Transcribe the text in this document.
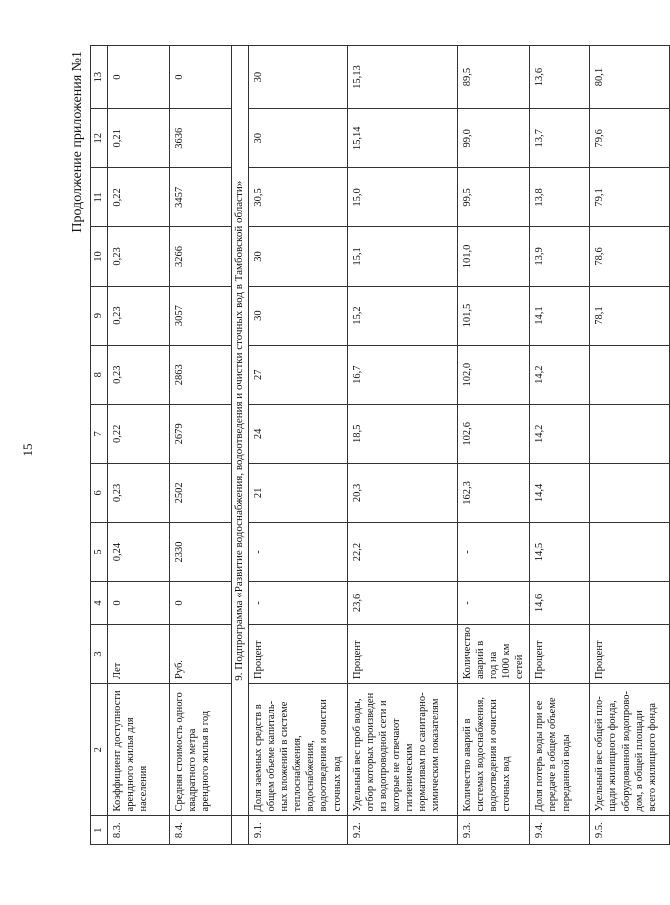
15
Продолжение приложения №1
1	2	3	4	5	6	7	8	9	10	11	12	13
8.3.	Коэффициент доступности арендного жилья для населения	Лет	0	0,24	0,23	0,22	0,23	0,23	0,23	0,22	0,21	0
8.4.	Средняя стоимость одного квадратного метра арендного жилья в год	Руб.	0	2330	2502	2679	2863	3057	3266	3457	3636	0
	9. Подпрограмма «Развитие водоснабжения, водоотведения и очистки сточных вод в Тамбовской области»											
9.1.	Доля заемных средств в общем объеме капиталь-ных вложений в системе теплоснабжения, водоснабжения, водоотведения и очистки сточных вод	Процент	-	-	21	24	27	30	30	30,5	30	30
9.2.	Удельный вес проб воды, отбор которых произведен из водопроводной сети и которые не отвечают гигиеническим нормативам по санитарно-химическим показателям	Процент	23,6	22,2	20,3	18,5	16,7	15,2	15,1	15,0	15,14	15,13
9.3.	Количество аварий в системах водоснабжения, водоотведения и очистки сточных вод	Количество аварий в год на 1000 км сетей	-	-	162,3	102,6	102,0	101,5	101,0	99,5	99,0	89,5
9.4.	Доля потерь воды при ее передаче в общем объеме переданной воды	Процент	14,6	14,5	14,4	14,2	14,2	14,1	13,9	13,8	13,7	13,6
9.5.	Удельный вес общей пло-щади жилищного фонда, оборудованной водопрово-дом, в общей площади всего жилищного фонда	Процент						78,1	78,6	79,1	79,6	80,1
